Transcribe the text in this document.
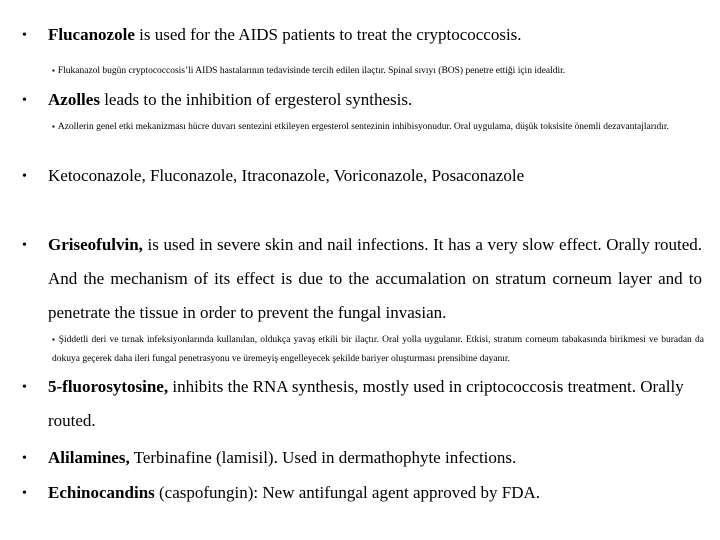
• Flucanozole is used for the AIDS patients to treat the cryptococcosis.
▪ Flukanazol bugün cryptococcosis’li AIDS hastalarının tedavisinde tercih edilen ilaçtır. Spinal sıvıyı (BOS) penetre ettiği için idealdir.
• Azolles leads to the inhibition of ergesterol synthesis.
▪ Azollerin genel etki mekanizması hücre duvarı sentezini etkileyen ergesterol sentezinin inhibisyonudur. Oral uygulama, düşük toksisite önemli dezavantajlarıdır.
• Ketoconazole, Fluconazole, Itraconazole, Voriconazole, Posaconazole
• Griseofulvin, is used in severe skin and nail infections. It has a very slow effect. Orally routed. And the mechanism of its effect is due to the accumalation on stratum corneum layer and to penetrate the tissue in order to prevent the fungal invasian.
▪ Şiddetli deri ve tırnak infeksiyonlarında kullanılan, oldukça yavaş etkili bir ilaçtır. Oral yolla uygulanır. Etkisi, stratum corneum tabakasında birikmesi ve buradan da dokuya geçerek daha ileri fungal penetrasyonu ve üremeyiş engelleyecek şekilde bariyer oluşturması prensibine dayanır.
• 5-fluorosytosine, inhibits the RNA synthesis, mostly used in criptococcosis treatment. Orally routed.
• Alilamines, Terbinafine (lamisil). Used in dermathophyte infections.
• Echinocandins (caspofungin): New antifungal agent approved by FDA.
